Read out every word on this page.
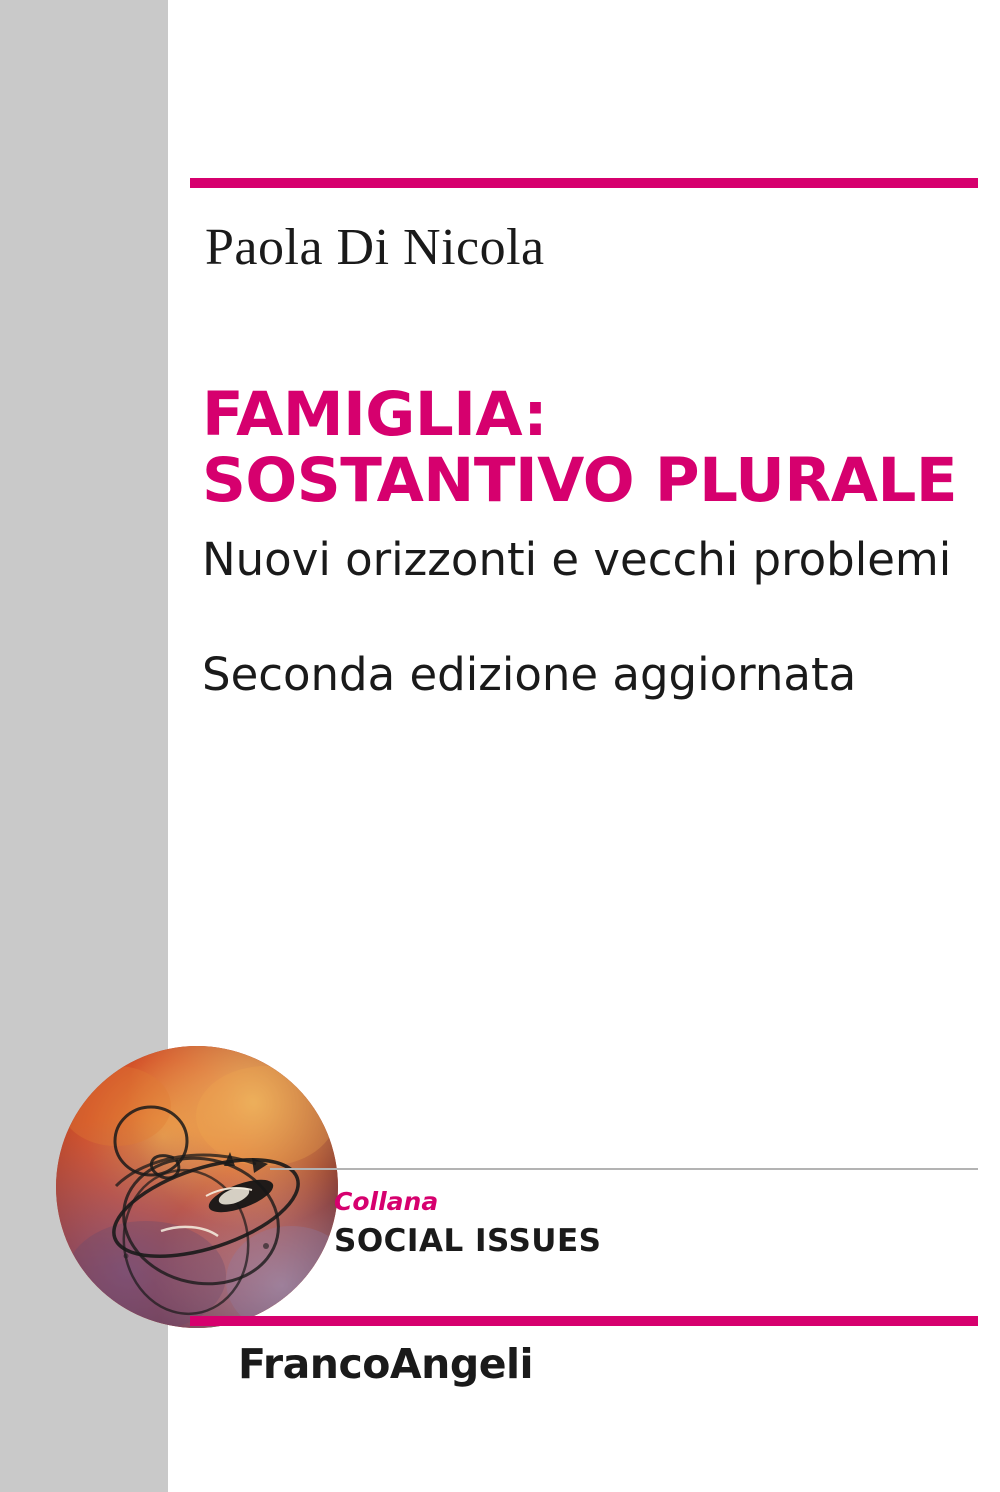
Paola Di Nicola
FAMIGLIA:
SOSTANTIVO PLURALE
Nuovi orizzonti e vecchi problemi
Seconda edizione aggiornata
Collana
SOCIAL ISSUES
FrancoAngeli
